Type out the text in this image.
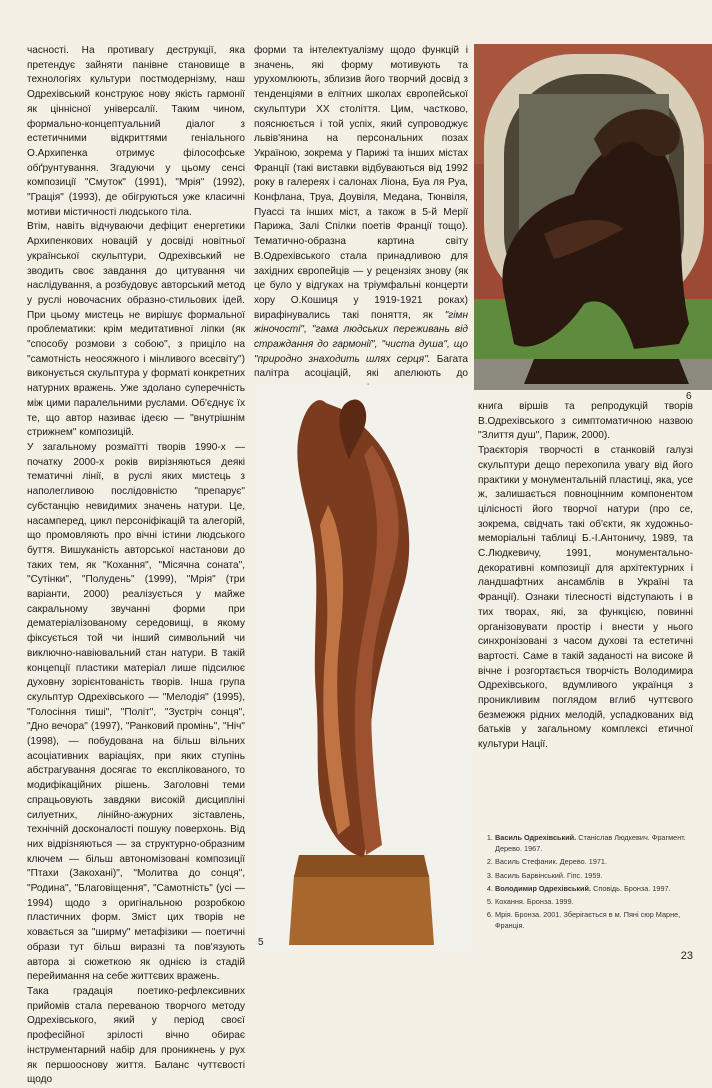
часності. На противагу деструкції, яка претендує зайняти панівне становище в технологіях культури постмодернізму, наш Одрехівський конструює нову якість гармонії як ціннісної універсалії. Таким чином, формально-концептуальний діалог з естетичними відкриттями геніального О.Архипенка отримує філософське обґрунтування. Згадуючи у цьому сенсі композиції "Смуток" (1991), "Мрія" (1992), "Грація" (1993), де обігруються уже класичні мотиви містичності людського тіла.

Втім, навіть відчуваючи дефіцит енергетики Архипенкових новацій у досвіді новітньої української скульптури, Одрехівський не зводить своє завдання до цитування чи наслідування, а розбудовує авторський метод у руслі новочасних образно-стильових ідей. При цьому мистець не вирішує формальної проблематики: крім медитативної ліпки (як "способу розмови з собою", з приціло на "самотність неосяжного і мінливого всесвіту") виконується скульптура у форматі конкретних натурних вражень. Уже здолано суперечність між цими паралельними руслами. Об'єднує їх те, що автор називає ідеєю — "внутрішнім стрижнем" композицій.

У загальному розмаїтті творів 1990-х — початку 2000-х років вирізняються деякі тематичні лінії, в руслі яких мистець з наполегливою послідовністю "препарує" субстанцію невидимих значень натури. Це, насамперед, цикл персоніфікацій та алегорій, що промовляють про вічні істини людського буття. Вишуканість авторської настанови до таких тем, як "Кохання", "Місячна соната", "Сутінки", "Полудень" (1999), "Мрія" (три варіанти, 2000) реалізується у майже сакральному звучанні форми при дематеріалізованому середовищі, в якому фіксується той чи інший символьний чи виключно-навіювальний стан натури. В такій концепції пластики матеріал лише підсилює духовну зорієнтованість творів. Інша група скульптур Одрехівського — "Мелодія" (1995), "Голосіння тиші", "Політ", "Зустріч сонця", "Дно вечора" (1997), "Ранковий промінь", "Ніч" (1998), — побудована на більш вільних асоціативних варіаціях, при яких ступінь абстрагування досягає то експлікованого, то модифікаційних рішень. Заголовні теми спрацьовують завдяки високій дисципліні силуетних, лінійно-ажурних зіставлень, технічній досконалості пошуку поверхонь. Від них відрізняються — за структурно-образним ключем — більш автономізовані композиції "Птахи (Закохані)", "Молитва до сонця", "Родина", "Благовіщення", "Самотність" (усі — 1994) щодо з оригінальною розробкою пластичних форм. Зміст цих творів не ховається за "ширму" метафізики — поетичні образи тут більш виразні та пов'язують автора зі сюжеткою як однією із стадій перейимання на себе життєвих вражень.

Така градація поетико-рефлексивних прийомів стала переваною творчого методу Одрехівського, який у період своєї професійної зрілості вічно обирає інструментарний набір для проникнень у рух як першооснову життя. Баланс чуттєвості щодо

форми та інтелектуалізму щодо функцій і значень, які форму мотивують та урухомлюють, зблизив його творчий досвід з тенденціями в елітних школах європейської скульптури XX століття. Цим, частково, пояснюється і той успіх, який супроводжує львів'янина на персональних позах Україною, зокрема у Парижі та інших містах Франції (такі виставки відбуваються від 1992 року в галереях і салонах Ліона, Буа ля Руа, Конфлана, Труа, Доувіля, Медана, Тюнвіля, Пуассі та інших міст, а також в 5-й Мерії Парижа, Залі Спілки поетів Франції тощо). Тематично-образна картина світу В.Одрехівського стала принадливою для західних європейців — у рецензіях знову (як це було у відгуках на тріумфальні концерти хору О.Кошиця у 1919-1921 роках) вирафінувались такі поняття, як "гімн жіночості", "гама людських переживань від страждання до гармонії", "чиста душа", що "природно знаходить шлях серця". Багата палітра асоціацій, які апелюють до

6
5

книга віршів та репродукцій творів В.Одрехівського з симптоматичною назвою "Злиття душ", Париж, 2000).

Траєкторія творчості в станковій галузі скульптури дещо перехопила увагу від його практики у монументальній пластиці, яка, усе ж, залишається повноцінним компонентом цілісності його творчої натури (про се, зокрема, свідчать такі об'єкти, як художньо-меморіальні таблиці Б.-І.Антоничу, 1989, та С.Людкевичу, 1991, монументально-декоративні композиції для архітектурних і ландшафтних ансамблів в Україні та Франції). Ознаки тілесності відступають і в тих творах, які, за функцією, повинні організовувати простір і внести у нього синхронізовані з часом духові та естетичні вартості. Саме в такій заданості на високе й вічне і розгортається творчість Володимира Одрехівського, вдумливого українця з проникливим поглядом вглиб чуттєвого безмежжя рідних мелодій, успадкованих від батьків у загальному комплексі етичної культури Нації.

1. Василь Одрехівський. Станіслав Людкевич. Фрагмент. Дерево. 1967.
2. Василь Стефаник. Дерево. 1971.
3. Василь Барвінський. Гіпс. 1959.
4. Володимир Одрехівський. Сповідь. Бронза. 1997.
5. Кохання. Бронза. 1999.
6. Мрія. Бронза. 2001. Зберігається в м. Пяні сюр Марне, Франція.
23
